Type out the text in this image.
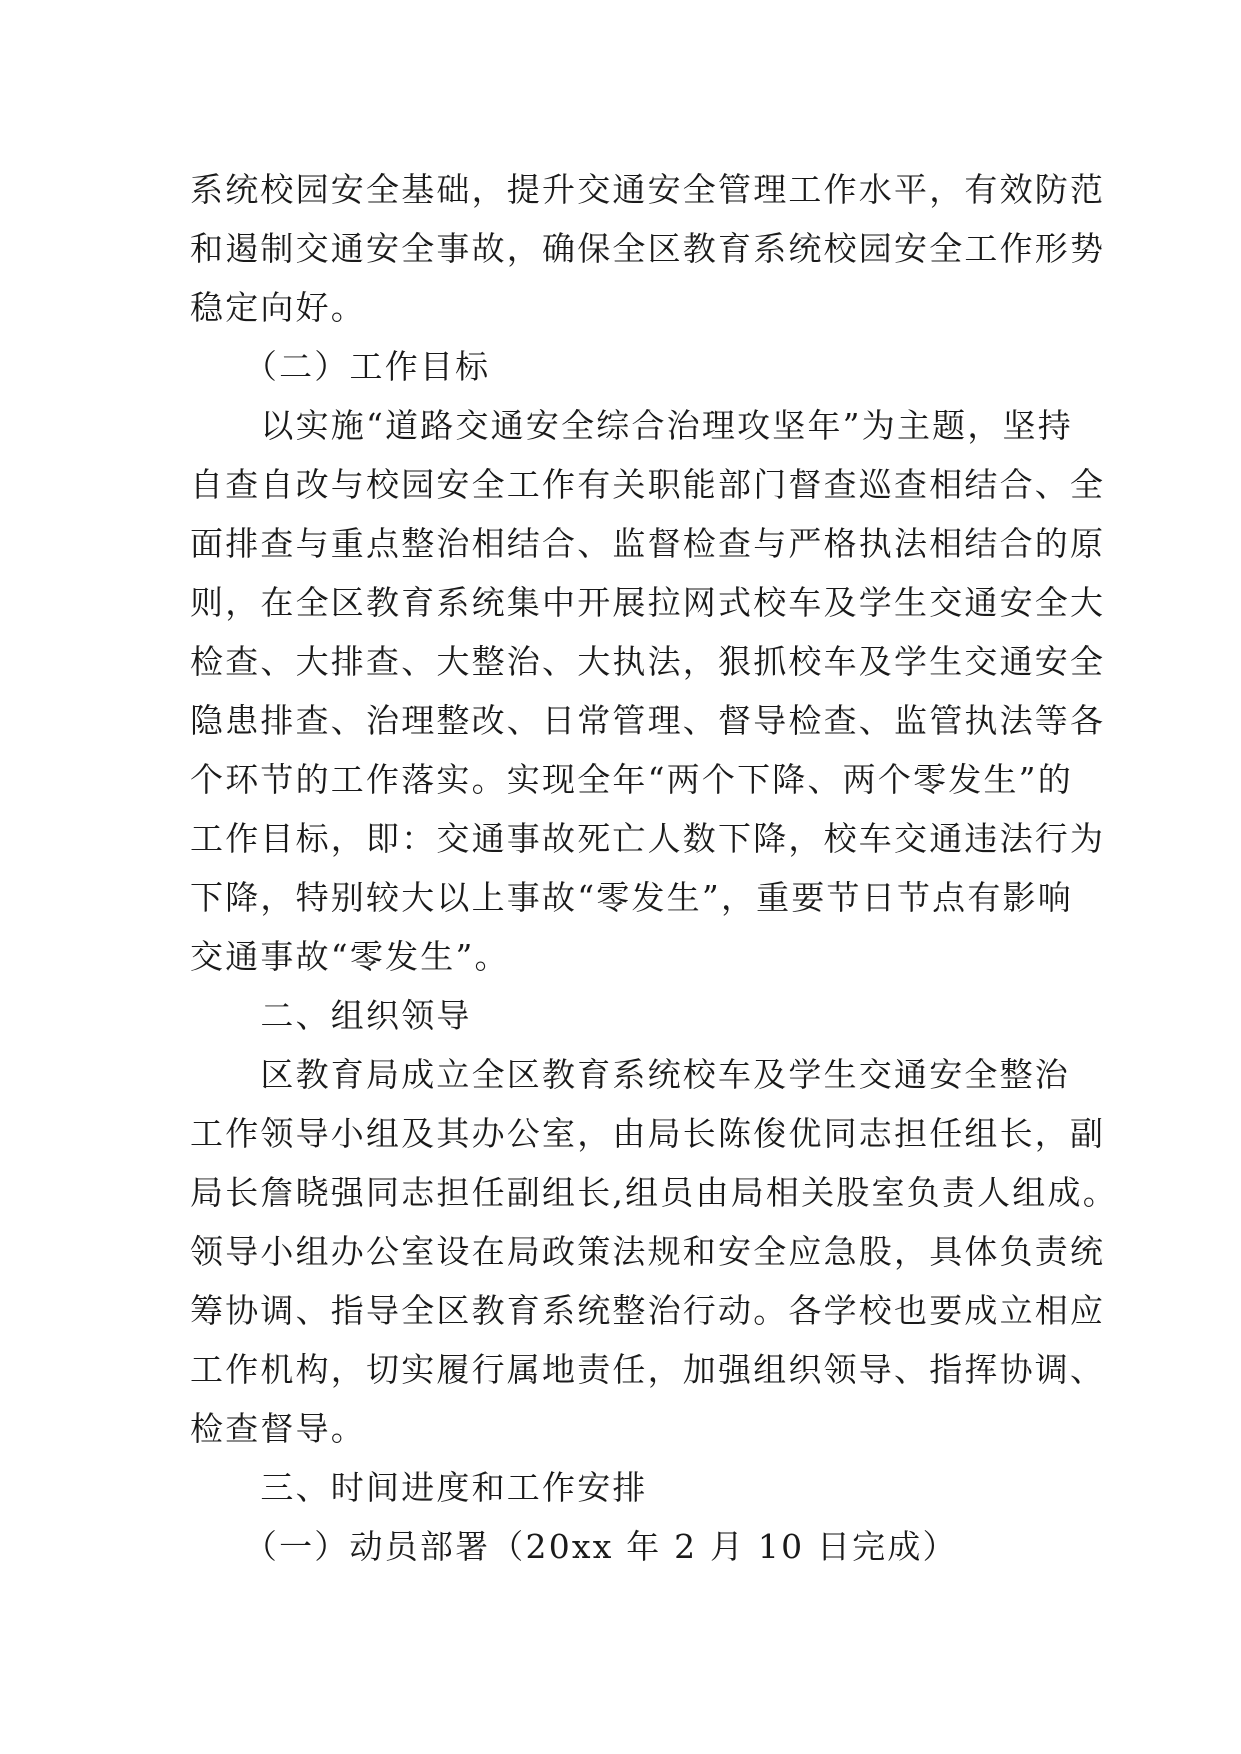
系统校园安全基础，提升交通安全管理工作水平，有效防范
和遏制交通安全事故，确保全区教育系统校园安全工作形势
稳定向好。
　　（二）工作目标
　　以实施“道路交通安全综合治理攻坚年”为主题，坚持
自查自改与校园安全工作有关职能部门督查巡查相结合、全
面排查与重点整治相结合、监督检查与严格执法相结合的原
则，在全区教育系统集中开展拉网式校车及学生交通安全大
检查、大排查、大整治、大执法，狠抓校车及学生交通安全
隐患排查、治理整改、日常管理、督导检查、监管执法等各
个环节的工作落实。实现全年“两个下降、两个零发生”的
工作目标，即：交通事故死亡人数下降，校车交通违法行为
下降，特别较大以上事故“零发生”，重要节日节点有影响
交通事故“零发生”。
　　二、组织领导
　　区教育局成立全区教育系统校车及学生交通安全整治
工作领导小组及其办公室，由局长陈俊优同志担任组长，副
局长詹晓强同志担任副组长,组员由局相关股室负责人组成。
领导小组办公室设在局政策法规和安全应急股，具体负责统
筹协调、指导全区教育系统整治行动。各学校也要成立相应
工作机构，切实履行属地责任，加强组织领导、指挥协调、
检查督导。
　　三、时间进度和工作安排
　　（一）动员部署（20xx 年 2 月 10 日完成）
